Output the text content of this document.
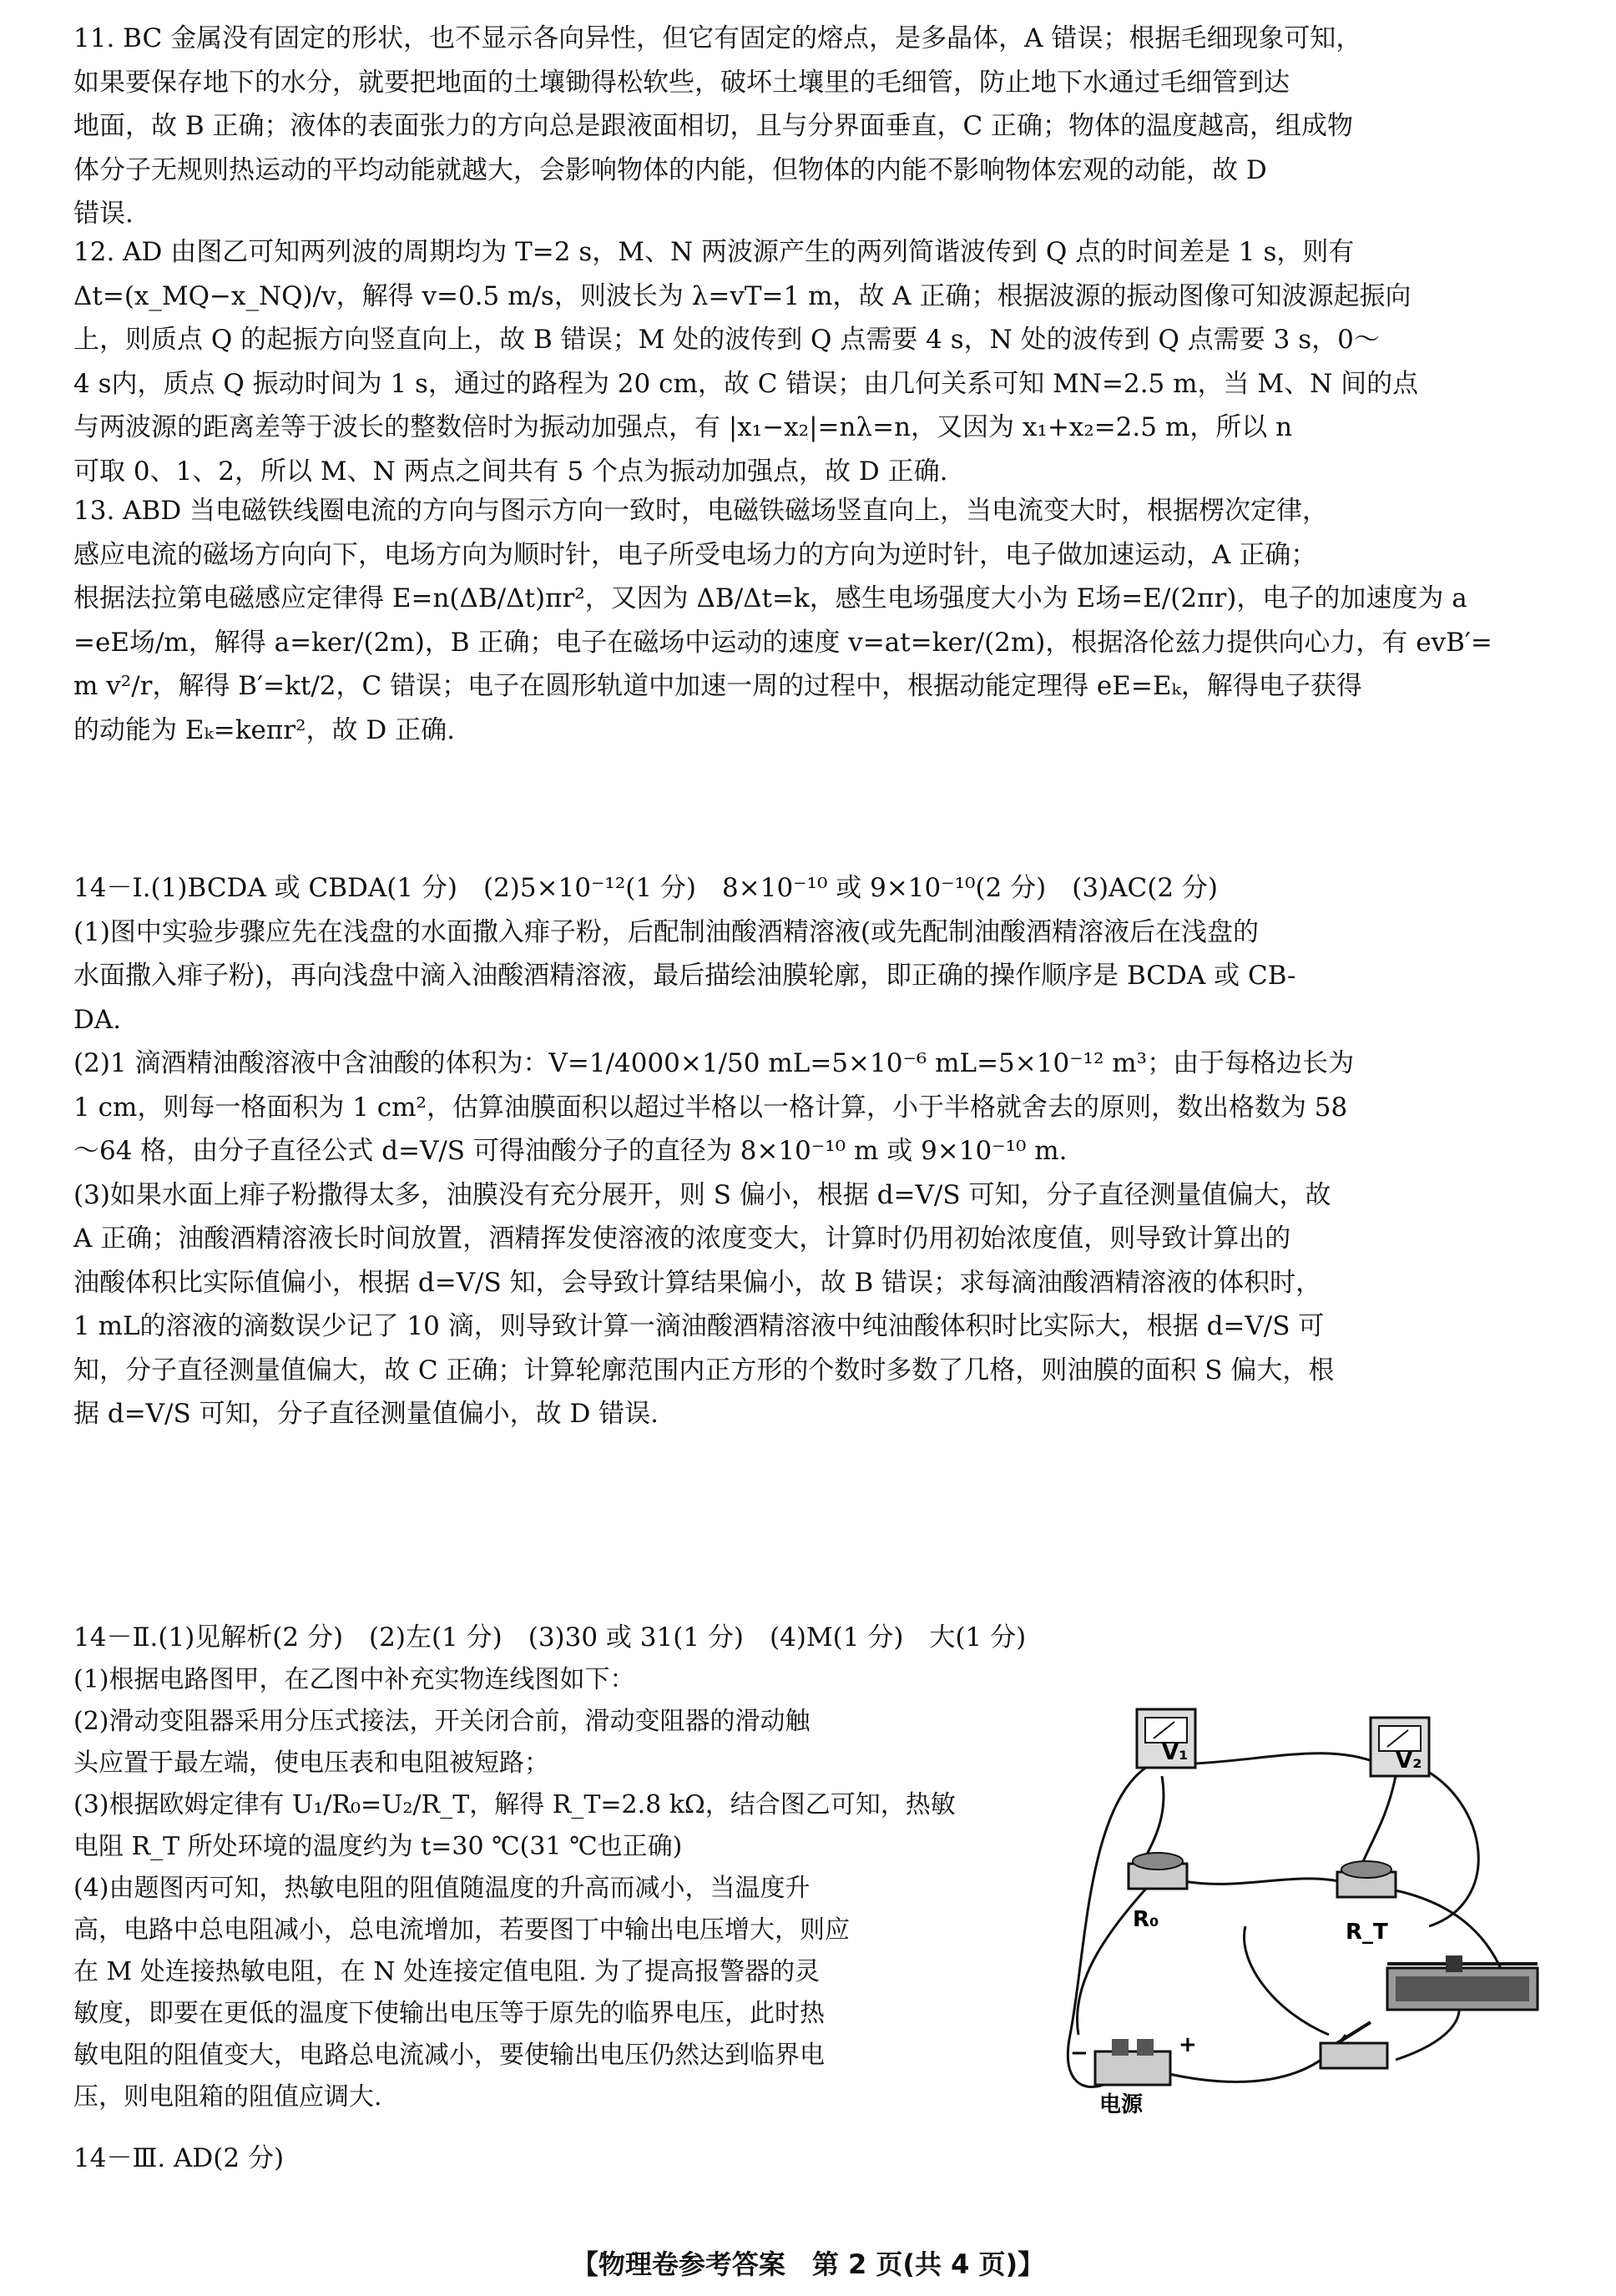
11. BC 金属没有固定的形状，也不显示各向异性，但它有固定的熔点，是多晶体，A 错误；根据毛细现象可知，
如果要保存地下的水分，就要把地面的土壤锄得松软些，破坏土壤里的毛细管，防止地下水通过毛细管到达
地面，故 B 正确；液体的表面张力的方向总是跟液面相切，且与分界面垂直，C 正确；物体的温度越高，组成物
体分子无规则热运动的平均动能就越大，会影响物体的内能，但物体的内能不影响物体宏观的动能，故 D
错误.
12. AD 由图乙可知两列波的周期均为 T=2 s，M、N 两波源产生的两列简谐波传到 Q 点的时间差是 1 s，则有
Δt=(x_MQ−x_NQ)/v，解得 v=0.5 m/s，则波长为 λ=vT=1 m，故 A 正确；根据波源的振动图像可知波源起振向
上，则质点 Q 的起振方向竖直向上，故 B 错误；M 处的波传到 Q 点需要 4 s，N 处的波传到 Q 点需要 3 s，0～
4 s内，质点 Q 振动时间为 1 s，通过的路程为 20 cm，故 C 错误；由几何关系可知 MN=2.5 m，当 M、N 间的点
与两波源的距离差等于波长的整数倍时为振动加强点，有 |x₁−x₂|=nλ=n，又因为 x₁+x₂=2.5 m，所以 n
可取 0、1、2，所以 M、N 两点之间共有 5 个点为振动加强点，故 D 正确.
13. ABD 当电磁铁线圈电流的方向与图示方向一致时，电磁铁磁场竖直向上，当电流变大时，根据楞次定律，
感应电流的磁场方向向下，电场方向为顺时针，电子所受电场力的方向为逆时针，电子做加速运动，A 正确；
根据法拉第电磁感应定律得 E=n(ΔB/Δt)πr²，又因为 ΔB/Δt=k，感生电场强度大小为 E场=E/(2πr)，电子的加速度为 a
=eE场/m，解得 a=ker/(2m)，B 正确；电子在磁场中运动的速度 v=at=ker/(2m)，根据洛伦兹力提供向心力，有 evB′=
m v²/r，解得 B′=kt/2，C 错误；电子在圆形轨道中加速一周的过程中，根据动能定理得 eE=Eₖ，解得电子获得
的动能为 Eₖ=keπr²，故 D 正确.
14－Ⅰ.(1)BCDA 或 CBDA(1 分)　(2)5×10⁻¹²(1 分)　8×10⁻¹⁰ 或 9×10⁻¹⁰(2 分)　(3)AC(2 分)
(1)图中实验步骤应先在浅盘的水面撒入痱子粉，后配制油酸酒精溶液(或先配制油酸酒精溶液后在浅盘的
水面撒入痱子粉)，再向浅盘中滴入油酸酒精溶液，最后描绘油膜轮廓，即正确的操作顺序是 BCDA 或 CB-
DA.
(2)1 滴酒精油酸溶液中含油酸的体积为：V=1/4000×1/50 mL=5×10⁻⁶ mL=5×10⁻¹² m³；由于每格边长为
1 cm，则每一格面积为 1 cm²，估算油膜面积以超过半格以一格计算，小于半格就舍去的原则，数出格数为 58
～64 格，由分子直径公式 d=V/S 可得油酸分子的直径为 8×10⁻¹⁰ m 或 9×10⁻¹⁰ m.
(3)如果水面上痱子粉撒得太多，油膜没有充分展开，则 S 偏小，根据 d=V/S 可知，分子直径测量值偏大，故
A 正确；油酸酒精溶液长时间放置，酒精挥发使溶液的浓度变大，计算时仍用初始浓度值，则导致计算出的
油酸体积比实际值偏小，根据 d=V/S 知，会导致计算结果偏小，故 B 错误；求每滴油酸酒精溶液的体积时，
1 mL的溶液的滴数误少记了 10 滴，则导致计算一滴油酸酒精溶液中纯油酸体积时比实际大，根据 d=V/S 可
知，分子直径测量值偏大，故 C 正确；计算轮廓范围内正方形的个数时多数了几格，则油膜的面积 S 偏大，根
据 d=V/S 可知，分子直径测量值偏小，故 D 错误.
14－Ⅱ.(1)见解析(2 分)　(2)左(1 分)　(3)30 或 31(1 分)　(4)M(1 分)　大(1 分)
(1)根据电路图甲，在乙图中补充实物连线图如下：
(2)滑动变阻器采用分压式接法，开关闭合前，滑动变阻器的滑动触
头应置于最左端，使电压表和电阻被短路；
(3)根据欧姆定律有 U₁/R₀=U₂/R_T，解得 R_T=2.8 kΩ，结合图乙可知，热敏
电阻 R_T 所处环境的温度约为 t=30 ℃(31 ℃也正确)
(4)由题图丙可知，热敏电阻的阻值随温度的升高而减小，当温度升
高，电路中总电阻减小，总电流增加，若要图丁中输出电压增大，则应
在 M 处连接热敏电阻，在 N 处连接定值电阻. 为了提高报警器的灵
敏度，即要在更低的温度下使输出电压等于原先的临界电压，此时热
敏电阻的阻值变大，电路总电流减小，要使输出电压仍然达到临界电
压，则电阻箱的阻值应调大.
14－Ⅲ. AD(2 分)
V₁	V₂
R₀	R_T
−	+
电源
【物理卷参考答案　第 2 页(共 4 页)】
